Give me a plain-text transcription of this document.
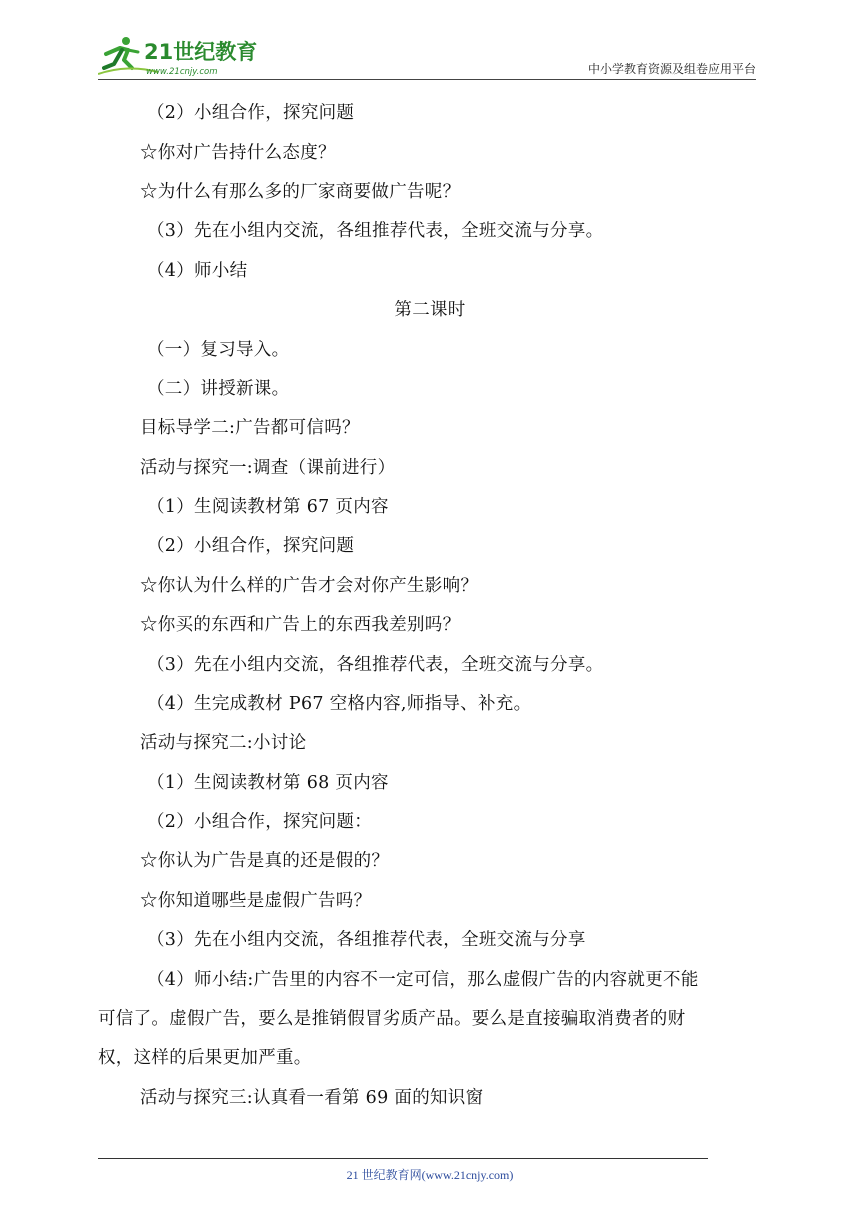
21世纪教育
www.21cnjy.com	中小学教育资源及组卷应用平台
（2）小组合作，探究问题
☆你对广告持什么态度？
☆为什么有那么多的厂家商要做广告呢？
（3）先在小组内交流，各组推荐代表，全班交流与分享。
（4）师小结
第二课时
（一）复习导入。
（二）讲授新课。
目标导学二:广告都可信吗？
活动与探究一:调查（课前进行）
（1）生阅读教材第 67 页内容
（2）小组合作，探究问题
☆你认为什么样的广告才会对你产生影响？
☆你买的东西和广告上的东西我差别吗？
（3）先在小组内交流，各组推荐代表，全班交流与分享。
（4）生完成教材 P67 空格内容,师指导、补充。
活动与探究二:小讨论
（1）生阅读教材第 68 页内容
（2）小组合作，探究问题：
☆你认为广告是真的还是假的？
☆你知道哪些是虚假广告吗？
（3）先在小组内交流，各组推荐代表，全班交流与分享
（4）师小结:广告里的内容不一定可信，那么虚假广告的内容就更不能
可信了。虚假广告，要么是推销假冒劣质产品。要么是直接骗取消费者的财
权，这样的后果更加严重。
活动与探究三:认真看一看第 69 面的知识窗
21 世纪教育网(www.21cnjy.com)
